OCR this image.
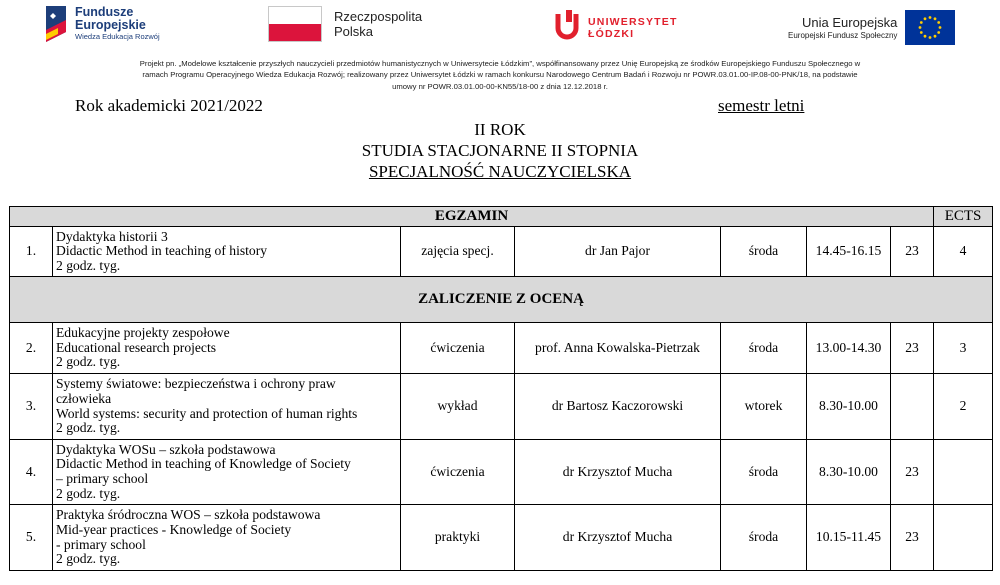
Fundusze
Europejskie
Wiedza Edukacja Rozwój
Rzeczpospolita
Polska
UNIWERSYTET
ŁÓDZKI
Unia Europejska
Europejski Fundusz Społeczny
Projekt pn. „Modelowe kształcenie przyszłych nauczycieli przedmiotów humanistycznych w Uniwersytecie Łódzkim”, współfinansowany przez Unię Europejską ze środków Europejskiego Funduszu Społecznego w
ramach Programu Operacyjnego Wiedza Edukacja Rozwój; realizowany przez Uniwersytet Łódzki w ramach konkursu Narodowego Centrum Badań i Rozwoju nr POWR.03.01.00-IP.08-00-PNK/18, na podstawie
umowy nr POWR.03.01.00-00-KN55/18-00 z dnia 12.12.2018 r.
Rok akademicki 2021/2022	semestr letni
II ROK
STUDIA STACJONARNE II STOPNIA
SPECJALNOŚĆ NAUCZYCIELSKA
EGZAMIN							ECTS
1.	Dydaktyka historii 3
Didactic Method in teaching of history
2 godz. tyg.	zajęcia specj.	dr Jan Pajor	środa	14.45-16.15	23	4
ZALICZENIE Z OCENĄ							
2.	Edukacyjne projekty zespołowe
Educational research projects
2 godz. tyg.	ćwiczenia	prof. Anna Kowalska-Pietrzak	środa	13.00-14.30	23	3
3.	Systemy światowe: bezpieczeństwa i ochrony praw
człowieka
World systems: security and protection of human rights
2 godz. tyg.	wykład	dr Bartosz Kaczorowski	wtorek	8.30-10.00		2
4.	Dydaktyka WOSu – szkoła podstawowa
Didactic Method in teaching of Knowledge of Society
– primary school
2 godz. tyg.	ćwiczenia	dr Krzysztof Mucha	środa	8.30-10.00	23	
5.	Praktyka śródroczna WOS – szkoła podstawowa
Mid-year practices - Knowledge of Society
- primary school
2 godz. tyg.	praktyki	dr Krzysztof Mucha	środa	10.15-11.45	23	
